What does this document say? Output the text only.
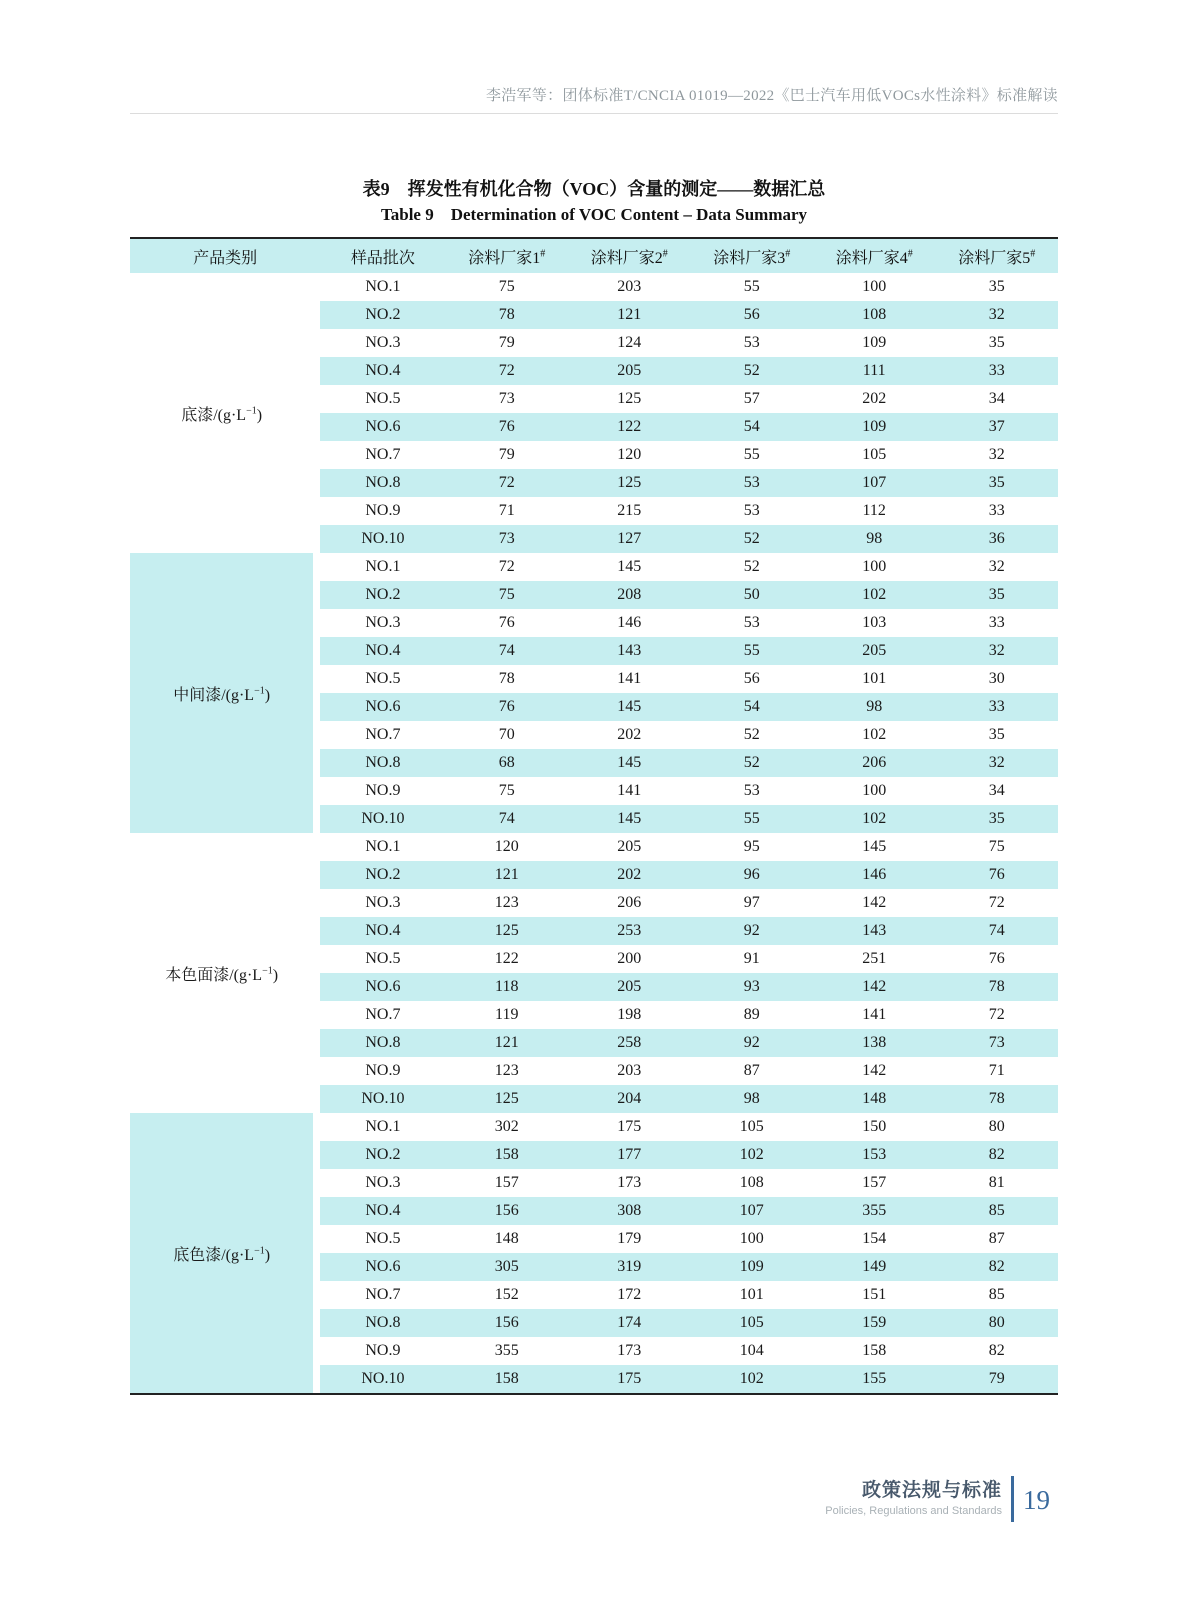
李浩军等：团体标准T/CNCIA 01019—2022《巴士汽车用低VOCs水性涂料》标准解读
表9　挥发性有机化合物（VOC）含量的测定——数据汇总
Table 9　Determination of VOC Content – Data Summary
产品类别	样品批次	涂料厂家1#	涂料厂家2#	涂料厂家3#	涂料厂家4#	涂料厂家5#
底漆$/(g\cdot L^{-1})$	NO.1	75	203	55	100	35
	NO.2	78	121	56	108	32
	NO.3	79	124	53	109	35
	NO.4	72	205	52	111	33
	NO.5	73	125	57	202	34
	NO.6	76	122	54	109	37
	NO.7	79	120	55	105	32
	NO.8	72	125	53	107	35
	NO.9	71	215	53	112	33
	NO.10	73	127	52	98	36
中间漆$/(g\cdot L^{-1})$	NO.1	72	145	52	100	32
	NO.2	75	208	50	102	35
	NO.3	76	146	53	103	33
	NO.4	74	143	55	205	32
	NO.5	78	141	56	101	30
	NO.6	76	145	54	98	33
	NO.7	70	202	52	102	35
	NO.8	68	145	52	206	32
	NO.9	75	141	53	100	34
	NO.10	74	145	55	102	35
本色面漆$/(g\cdot L^{-1})$	NO.1	120	205	95	145	75
	NO.2	121	202	96	146	76
	NO.3	123	206	97	142	72
	NO.4	125	253	92	143	74
	NO.5	122	200	91	251	76
	NO.6	118	205	93	142	78
	NO.7	119	198	89	141	72
	NO.8	121	258	92	138	73
	NO.9	123	203	87	142	71
	NO.10	125	204	98	148	78
底色漆$/(g\cdot L^{-1})$	NO.1	302	175	105	150	80
	NO.2	158	177	102	153	82
	NO.3	157	173	108	157	81
	NO.4	156	308	107	355	85
	NO.5	148	179	100	154	87
	NO.6	305	319	109	149	82
	NO.7	152	172	101	151	85
	NO.8	156	174	105	159	80
	NO.9	355	173	104	158	82
	NO.10	158	175	102	155	79
政策法规与标准
Policies, Regulations and Standards 19
